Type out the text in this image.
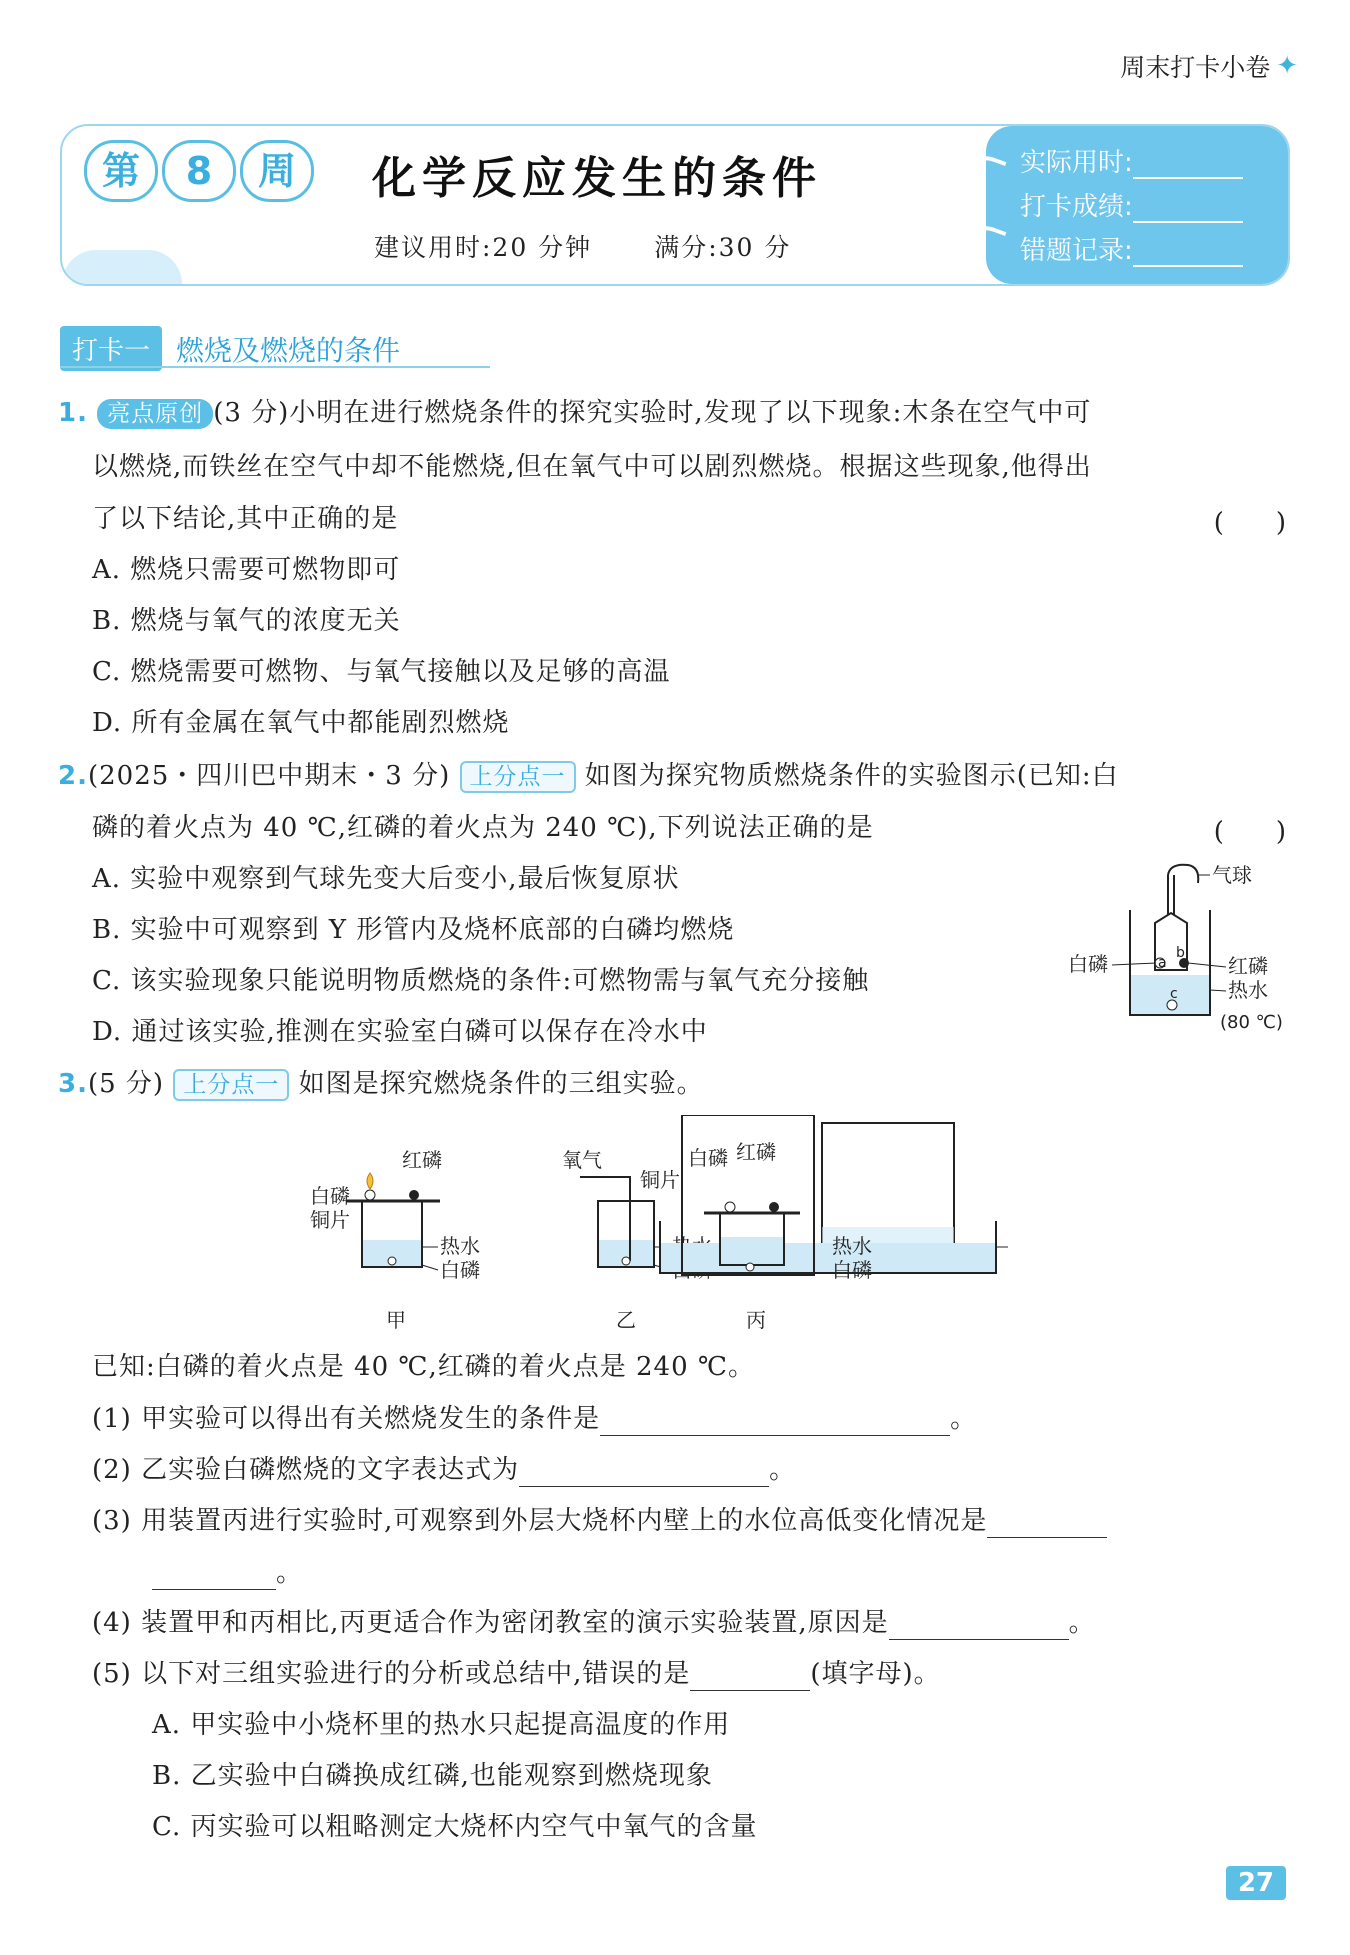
周末打卡小卷 ✦
第	8	周	化学反应发生的条件
建议用时:20 分钟 满分:30 分
实际用时:
打卡成绩:
错题记录:
打卡一 燃烧及燃烧的条件
1. 亮点原创 (3 分)小明在进行燃烧条件的探究实验时,发现了以下现象:木条在空气中可
以燃烧,而铁丝在空气中却不能燃烧,但在氧气中可以剧烈燃烧。根据这些现象,他得出
了以下结论,其中正确的是	(　　)
A. 燃烧只需要可燃物即可
B. 燃烧与氧气的浓度无关
C. 燃烧需要可燃物、与氧气接触以及足够的高温
D. 所有金属在氧气中都能剧烈燃烧
2.(2025・四川巴中期末・3 分) 上分点一 如图为探究物质燃烧条件的实验图示(已知:白
磷的着火点为 40 ℃,红磷的着火点为 240 ℃),下列说法正确的是	(　　)
A. 实验中观察到气球先变大后变小,最后恢复原状
B. 实验中可观察到 Y 形管内及烧杯底部的白磷均燃烧
C. 该实验现象只能说明物质燃烧的条件:可燃物需与氧气充分接触
D. 通过该实验,推测在实验室白磷可以保存在冷水中
a
b
c
气球
白磷	红磷
热水
(80 ℃)
3.(5 分) 上分点一 如图是探究燃烧条件的三组实验。
白磷
红磷
铜片
热水
白磷
甲
氧气
乙
白磷 红磷
铜片
热水
白磷
丙
已知:白磷的着火点是 40 ℃,红磷的着火点是 240 ℃。
(1) 甲实验可以得出有关燃烧发生的条件是	。
(2) 乙实验白磷燃烧的文字表达式为	。
(3) 用装置丙进行实验时,可观察到外层大烧杯内壁上的水位高低变化情况是
。
(4) 装置甲和丙相比,丙更适合作为密闭教室的演示实验装置,原因是	。
(5) 以下对三组实验进行的分析或总结中,错误的是	(填字母)。
A. 甲实验中小烧杯里的热水只起提高温度的作用
B. 乙实验中白磷换成红磷,也能观察到燃烧现象
C. 丙实验可以粗略测定大烧杯内空气中氧气的含量
27
